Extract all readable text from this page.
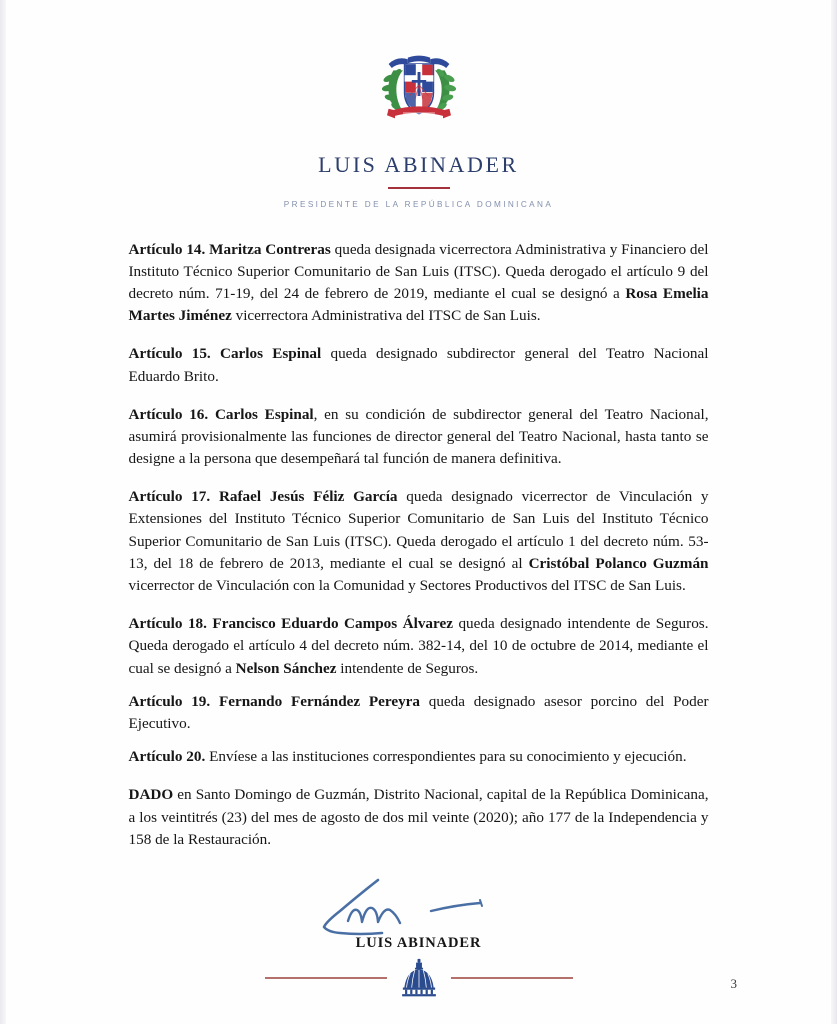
LUIS ABINADER
PRESIDENTE DE LA REPÚBLICA DOMINICANA

Artículo 14. Maritza Contreras queda designada vicerrectora Administrativa y Financiero del Instituto Técnico Superior Comunitario de San Luis (ITSC). Queda derogado el artículo 9 del decreto núm. 71-19, del 24 de febrero de 2019, mediante el cual se designó a Rosa Emelia Martes Jiménez vicerrectora Administrativa del ITSC de San Luis.

Artículo 15. Carlos Espinal queda designado subdirector general del Teatro Nacional Eduardo Brito.

Artículo 16. Carlos Espinal, en su condición de subdirector general del Teatro Nacional, asumirá provisionalmente las funciones de director general del Teatro Nacional, hasta tanto se designe a la persona que desempeñará tal función de manera definitiva.

Artículo 17. Rafael Jesús Féliz García queda designado vicerrector de Vinculación y Extensiones del Instituto Técnico Superior Comunitario de San Luis del Instituto Técnico Superior Comunitario de San Luis (ITSC). Queda derogado el artículo 1 del decreto núm. 53-13, del 18 de febrero de 2013, mediante el cual se designó al Cristóbal Polanco Guzmán vicerrector de Vinculación con la Comunidad y Sectores Productivos del ITSC de San Luis.

Artículo 18. Francisco Eduardo Campos Álvarez queda designado intendente de Seguros. Queda derogado el artículo 4 del decreto núm. 382-14, del 10 de octubre de 2014, mediante el cual se designó a Nelson Sánchez intendente de Seguros.

Artículo 19. Fernando Fernández Pereyra queda designado asesor porcino del Poder Ejecutivo.

Artículo 20. Envíese a las instituciones correspondientes para su conocimiento y ejecución.

DADO en Santo Domingo de Guzmán, Distrito Nacional, capital de la República Dominicana, a los veintitrés (23) del mes de agosto de dos mil veinte (2020); año 177 de la Independencia y 158 de la Restauración.

LUIS ABINADER
3
